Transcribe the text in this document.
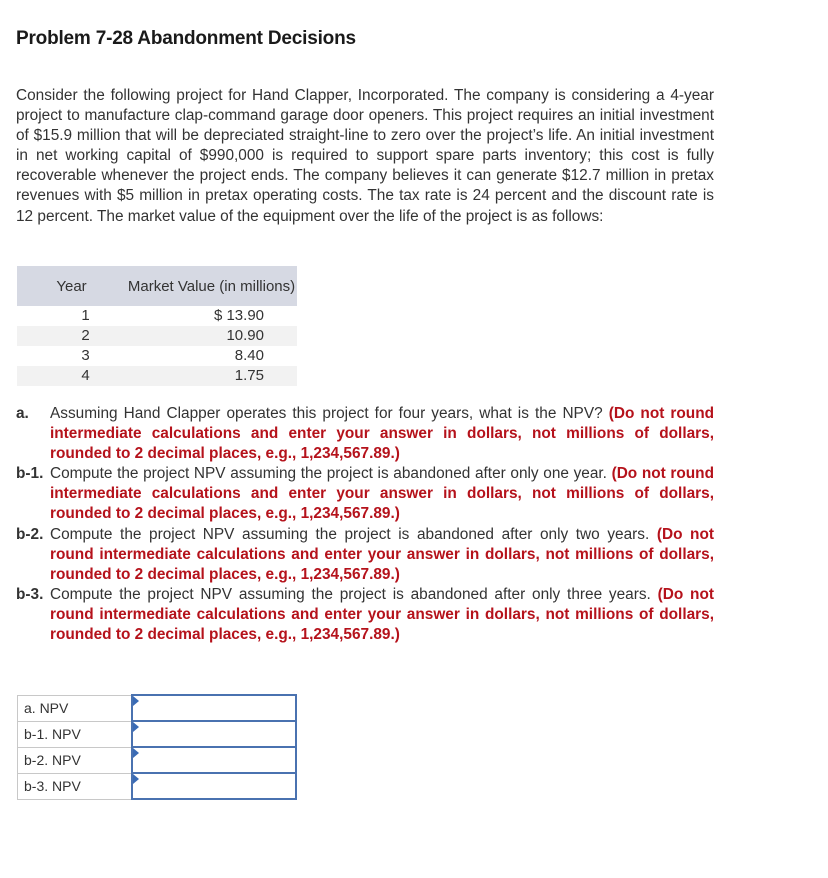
Problem 7-28 Abandonment Decisions
Consider the following project for Hand Clapper, Incorporated. The company is considering a 4-year project to manufacture clap-command garage door openers. This project requires an initial investment of $15.9 million that will be depreciated straight-line to zero over the project’s life. An initial investment in net working capital of $990,000 is required to support spare parts inventory; this cost is fully recoverable whenever the project ends. The company believes it can generate $12.7 million in pretax revenues with $5 million in pretax operating costs. The tax rate is 24 percent and the discount rate is 12 percent. The market value of the equipment over the life of the project is as follows:
Year	Market Value (in millions)
1	$ 13.90
2	10.90
3	8.40
4	1.75
a.	Assuming Hand Clapper operates this project for four years, what is the NPV? (Do not round intermediate calculations and enter your answer in dollars, not millions of dollars, rounded to 2 decimal places, e.g., 1,234,567.89.)
b-1. Compute the project NPV assuming the project is abandoned after only one year. (Do not round intermediate calculations and enter your answer in dollars, not millions of dollars, rounded to 2 decimal places, e.g., 1,234,567.89.)
b-2. Compute the project NPV assuming the project is abandoned after only two years. (Do not round intermediate calculations and enter your answer in dollars, not millions of dollars, rounded to 2 decimal places, e.g., 1,234,567.89.)
b-3. Compute the project NPV assuming the project is abandoned after only three years. (Do not round intermediate calculations and enter your answer in dollars, not millions of dollars, rounded to 2 decimal places, e.g., 1,234,567.89.)
a. NPV	

b-1. NPV	

b-2. NPV	

b-3. NPV	
